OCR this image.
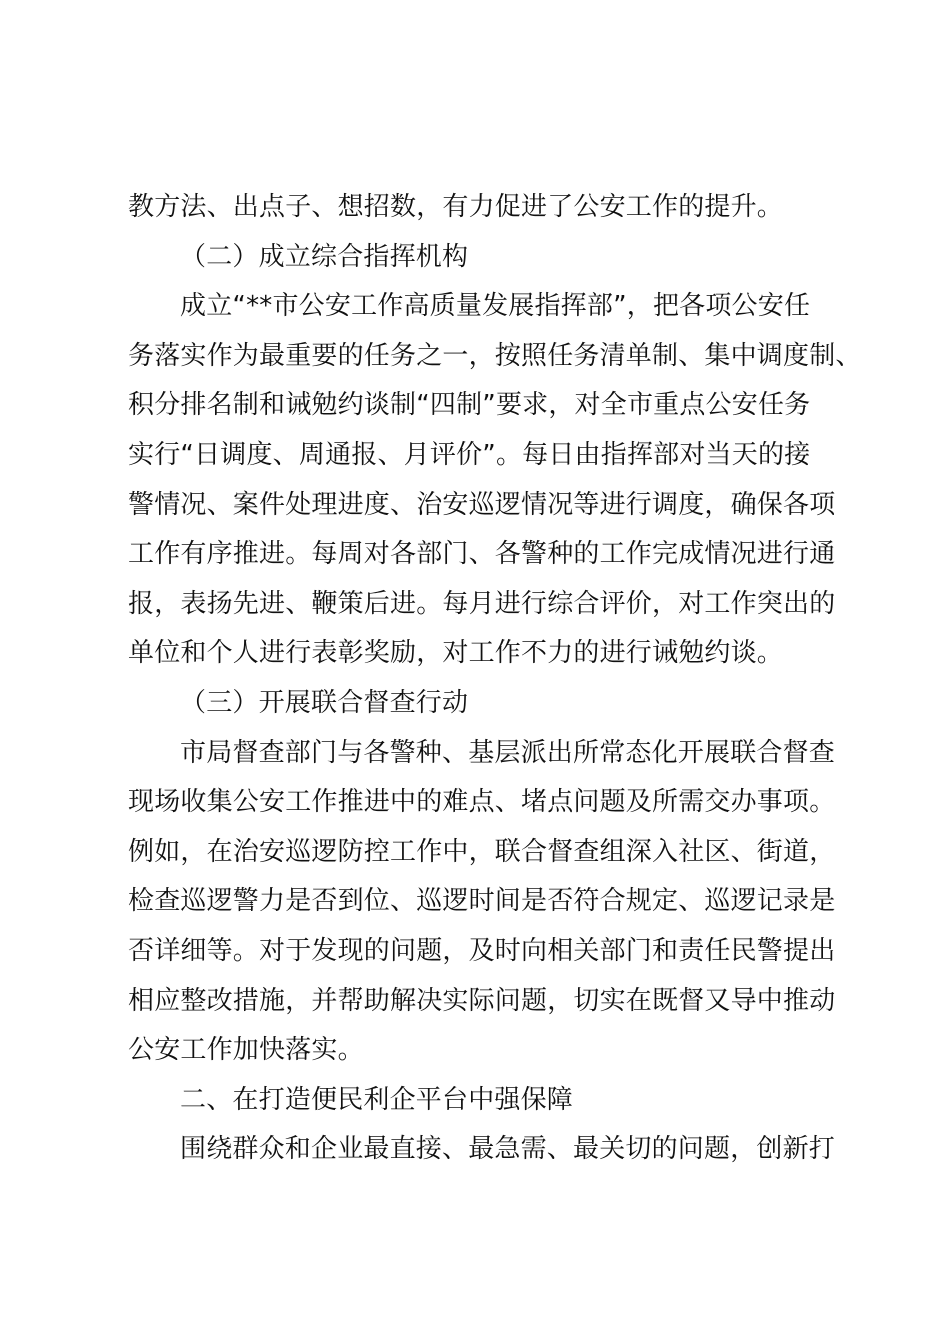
教方法、出点子、想招数，有力促进了公安工作的提升。
（二）成立综合指挥机构
成立“**市公安工作高质量发展指挥部”，把各项公安任
务落实作为最重要的任务之一，按照任务清单制、集中调度制、
积分排名制和诫勉约谈制“四制”要求，对全市重点公安任务
实行“日调度、周通报、月评价”。每日由指挥部对当天的接
警情况、案件处理进度、治安巡逻情况等进行调度，确保各项
工作有序推进。每周对各部门、各警种的工作完成情况进行通
报，表扬先进、鞭策后进。每月进行综合评价，对工作突出的
单位和个人进行表彰奖励，对工作不力的进行诫勉约谈。
（三）开展联合督查行动
市局督查部门与各警种、基层派出所常态化开展联合督查
现场收集公安工作推进中的难点、堵点问题及所需交办事项。
例如，在治安巡逻防控工作中，联合督查组深入社区、街道，
检查巡逻警力是否到位、巡逻时间是否符合规定、巡逻记录是
否详细等。对于发现的问题，及时向相关部门和责任民警提出
相应整改措施，并帮助解决实际问题，切实在既督又导中推动
公安工作加快落实。
二、在打造便民利企平台中强保障
围绕群众和企业最直接、最急需、最关切的问题，创新打
